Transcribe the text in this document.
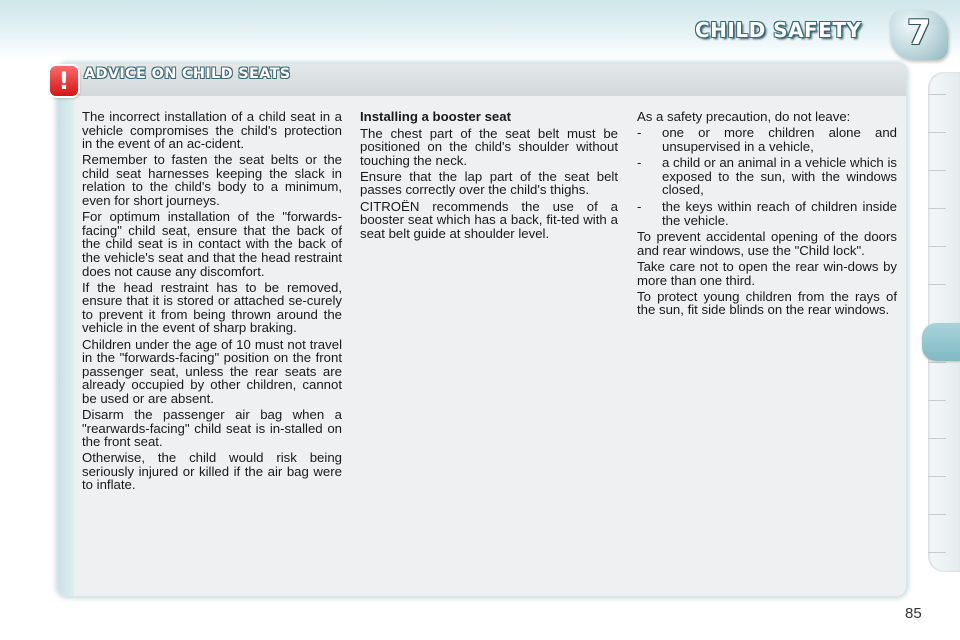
CHILD SAFETY	7
!	ADVICE ON CHILD SEATS

The incorrect installation of a child seat in a vehicle compromises the child's protection in the event of an ac-cident.

Remember to fasten the seat belts or the child seat harnesses keeping the slack in relation to the child's body to a minimum, even for short journeys.

For optimum installation of the "forwards-facing" child seat, ensure that the back of the child seat is in contact with the back of the vehicle's seat and that the head restraint does not cause any discomfort.

If the head restraint has to be removed, ensure that it is stored or attached se-curely to prevent it from being thrown around the vehicle in the event of sharp braking.

Children under the age of 10 must not travel in the "forwards-facing" position on the front passenger seat, unless the rear seats are already occupied by other children, cannot be used or are absent.

Disarm the passenger air bag when a "rearwards-facing" child seat is in-stalled on the front seat.

Otherwise, the child would risk being seriously injured or killed if the air bag were to inflate.

Installing a booster seat

The chest part of the seat belt must be positioned on the child's shoulder without touching the neck.

Ensure that the lap part of the seat belt passes correctly over the child's thighs.

CITROËN recommends the use of a booster seat which has a back, fit-ted with a seat belt guide at shoulder level.

As a safety precaution, do not leave:

-	one or more children alone and unsupervised in a vehicle,
-	a child or an animal in a vehicle which is exposed to the sun, with the windows closed,
-	the keys within reach of children inside the vehicle.

To prevent accidental opening of the doors and rear windows, use the "Child lock".

Take care not to open the rear win-dows by more than one third.

To protect young children from the rays of the sun, fit side blinds on the rear windows.

85
